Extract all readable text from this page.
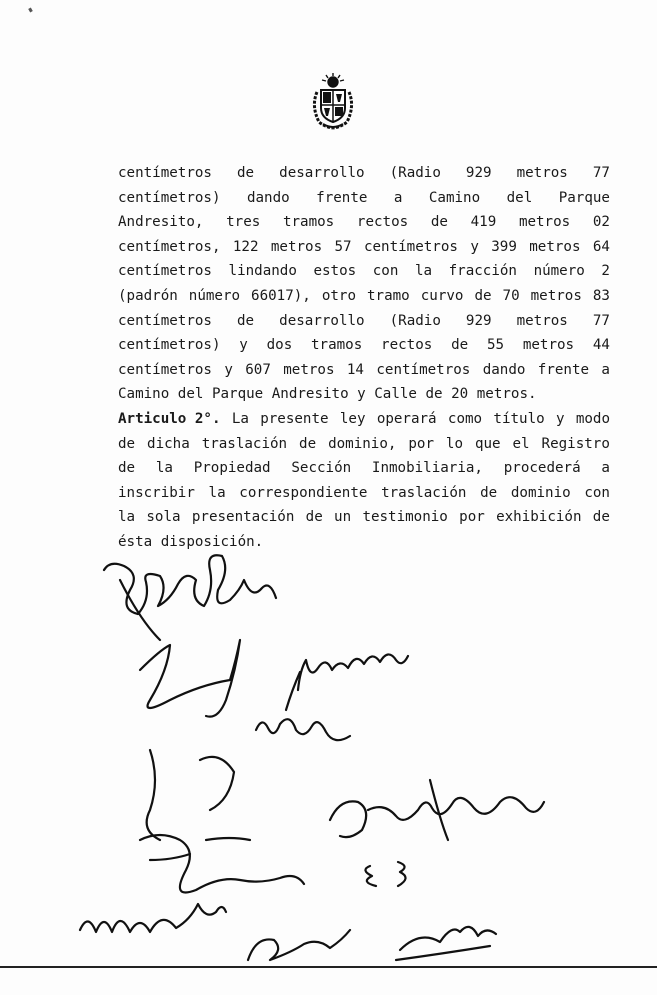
centímetros de desarrollo (Radio 929 metros 77
centímetros) dando frente a Camino del Parque
Andresito, tres tramos rectos de 419 metros 02
centímetros, 122 metros 57 centímetros y 399 metros 64
centímetros lindando estos con la fracción número 2
(padrón número 66017), otro tramo curvo de 70 metros 83
centímetros de desarrollo (Radio 929 metros 77
centímetros) y dos tramos rectos de 55 metros 44
centímetros y 607 metros 14 centímetros dando frente a
Camino del Parque Andresito y Calle de 20 metros.
Articulo 2°. La presente ley operará como título y modo
de dicha traslación de dominio, por lo que el Registro
de la Propiedad Sección Inmobiliaria, procederá a
inscribir la correspondiente traslación de dominio con
la sola presentación de un testimonio por exhibición de
ésta disposición.
